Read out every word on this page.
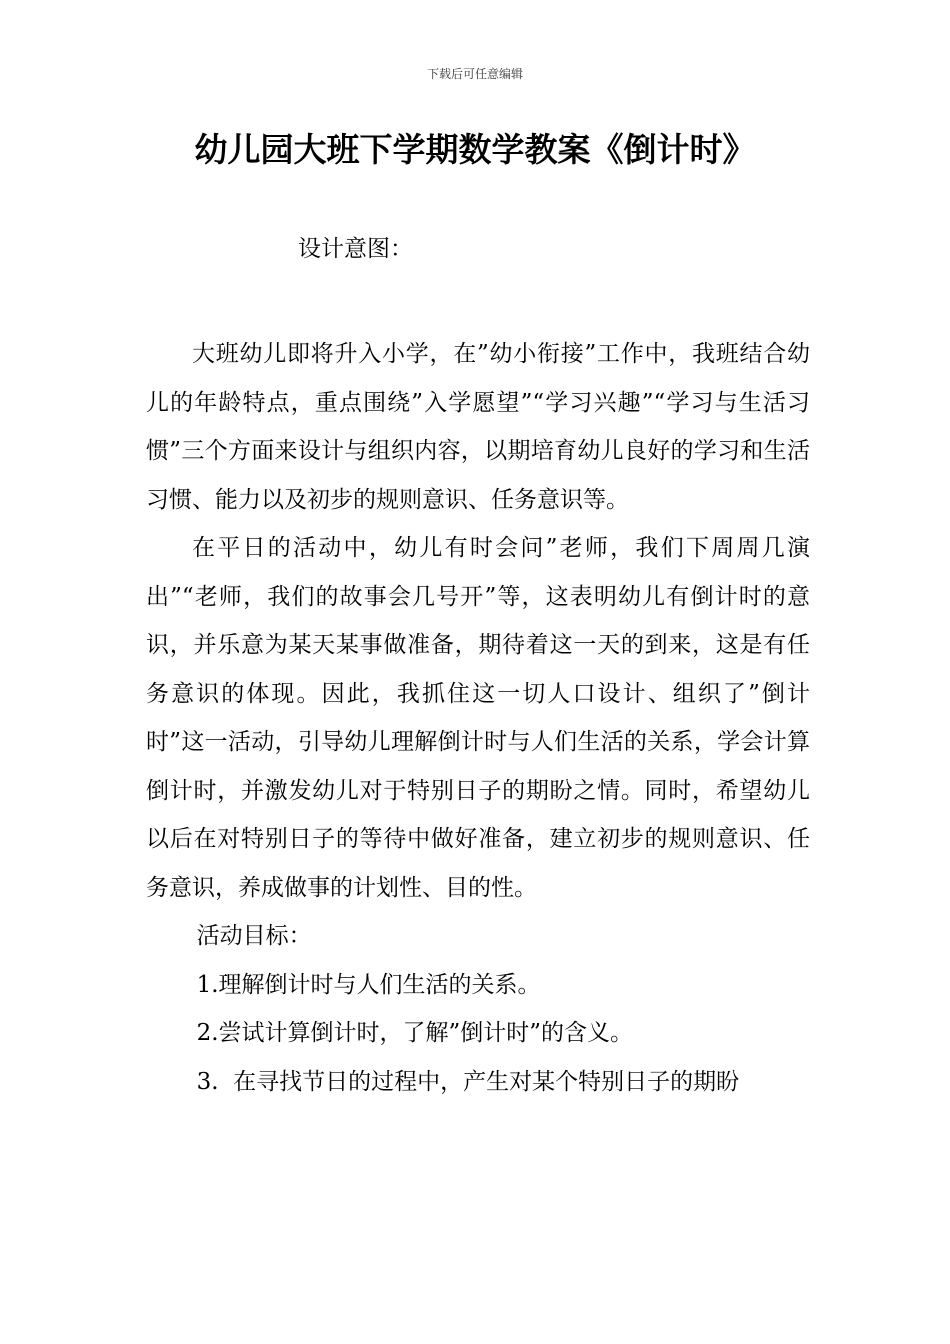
下载后可任意编辑
幼儿园大班下学期数学教案《倒计时》
设计意图：

大班幼儿即将升入小学，在”幼小衔接”工作中，我班结合幼儿的年龄特点，重点围绕”入学愿望”“学习兴趣”“学习与生活习惯”三个方面来设计与组织内容，以期培育幼儿良好的学习和生活习惯、能力以及初步的规则意识、任务意识等。

在平日的活动中，幼儿有时会问”老师，我们下周周几演出”“老师，我们的故事会几号开”等，这表明幼儿有倒计时的意识，并乐意为某天某事做准备，期待着这一天的到来，这是有任务意识的体现。因此，我抓住这一切人口设计、组织了”倒计时”这一活动，引导幼儿理解倒计时与人们生活的关系，学会计算倒计时，并激发幼儿对于特别日子的期盼之情。同时，希望幼儿以后在对特别日子的等待中做好准备，建立初步的规则意识、任务意识，养成做事的计划性、目的性。

活动目标：

1.理解倒计时与人们生活的关系。

2.尝试计算倒计时，了解”倒计时”的含义。

3.  在寻找节日的过程中，产生对某个特别日子的期盼
